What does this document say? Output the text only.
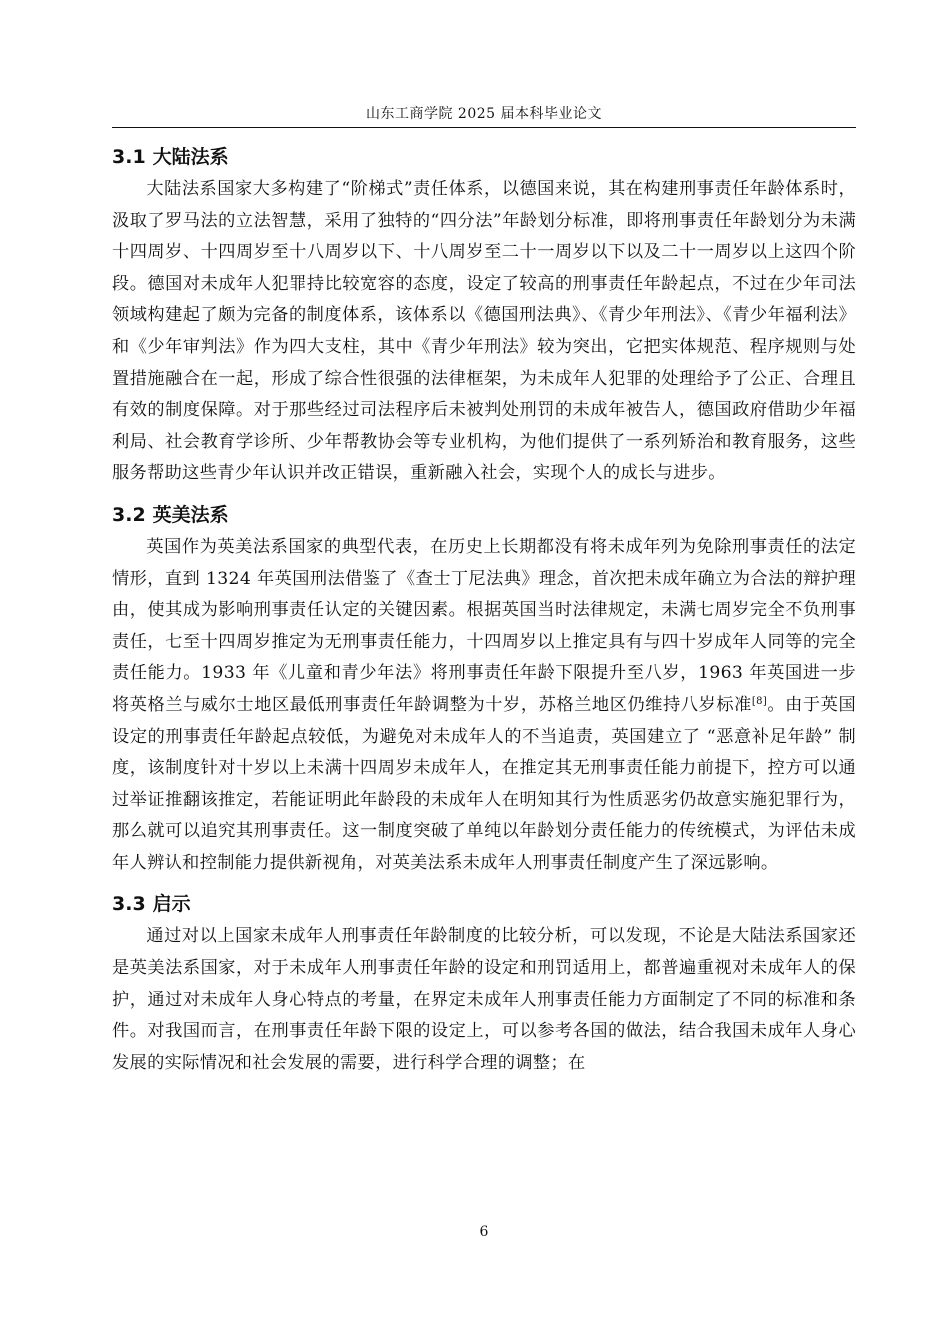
山东工商学院 2025 届本科毕业论文
3.1 大陆法系

大陆法系国家大多构建了“阶梯式”责任体系，以德国来说，其在构建刑事责任年龄体系时，汲取了罗马法的立法智慧，采用了独特的“四分法”年龄划分标准，即将刑事责任年龄划分为未满十四周岁、十四周岁至十八周岁以下、十八周岁至二十一周岁以下以及二十一周岁以上这四个阶段。德国对未成年人犯罪持比较宽容的态度，设定了较高的刑事责任年龄起点，不过在少年司法领域构建起了颇为完备的制度体系，该体系以《德国刑法典》、《青少年刑法》、《青少年福利法》和《少年审判法》作为四大支柱，其中《青少年刑法》较为突出，它把实体规范、程序规则与处置措施融合在一起，形成了综合性很强的法律框架，为未成年人犯罪的处理给予了公正、合理且有效的制度保障。对于那些经过司法程序后未被判处刑罚的未成年被告人，德国政府借助少年福利局、社会教育学诊所、少年帮教协会等专业机构，为他们提供了一系列矫治和教育服务，这些服务帮助这些青少年认识并改正错误，重新融入社会，实现个人的成长与进步。

3.2 英美法系

英国作为英美法系国家的典型代表，在历史上长期都没有将未成年列为免除刑事责任的法定情形，直到 1324 年英国刑法借鉴了《查士丁尼法典》理念，首次把未成年确立为合法的辩护理由，使其成为影响刑事责任认定的关键因素。根据英国当时法律规定，未满七周岁完全不负刑事责任，七至十四周岁推定为无刑事责任能力，十四周岁以上推定具有与四十岁成年人同等的完全责任能力。1933 年《儿童和青少年法》将刑事责任年龄下限提升至八岁，1963 年英国进一步将英格兰与威尔士地区最低刑事责任年龄调整为十岁，苏格兰地区仍维持八岁标准[8]。由于英国设定的刑事责任年龄起点较低，为避免对未成年人的不当追责，英国建立了 “恶意补足年龄” 制度，该制度针对十岁以上未满十四周岁未成年人，在推定其无刑事责任能力前提下，控方可以通过举证推翻该推定，若能证明此年龄段的未成年人在明知其行为性质恶劣仍故意实施犯罪行为，那么就可以追究其刑事责任。这一制度突破了单纯以年龄划分责任能力的传统模式，为评估未成年人辨认和控制能力提供新视角，对英美法系未成年人刑事责任制度产生了深远影响。

3.3 启示

通过对以上国家未成年人刑事责任年龄制度的比较分析，可以发现，不论是大陆法系国家还是英美法系国家，对于未成年人刑事责任年龄的设定和刑罚适用上，都普遍重视对未成年人的保护，通过对未成年人身心特点的考量，在界定未成年人刑事责任能力方面制定了不同的标准和条件。对我国而言，在刑事责任年龄下限的设定上，可以参考各国的做法，结合我国未成年人身心发展的实际情况和社会发展的需要，进行科学合理的调整；在

6
